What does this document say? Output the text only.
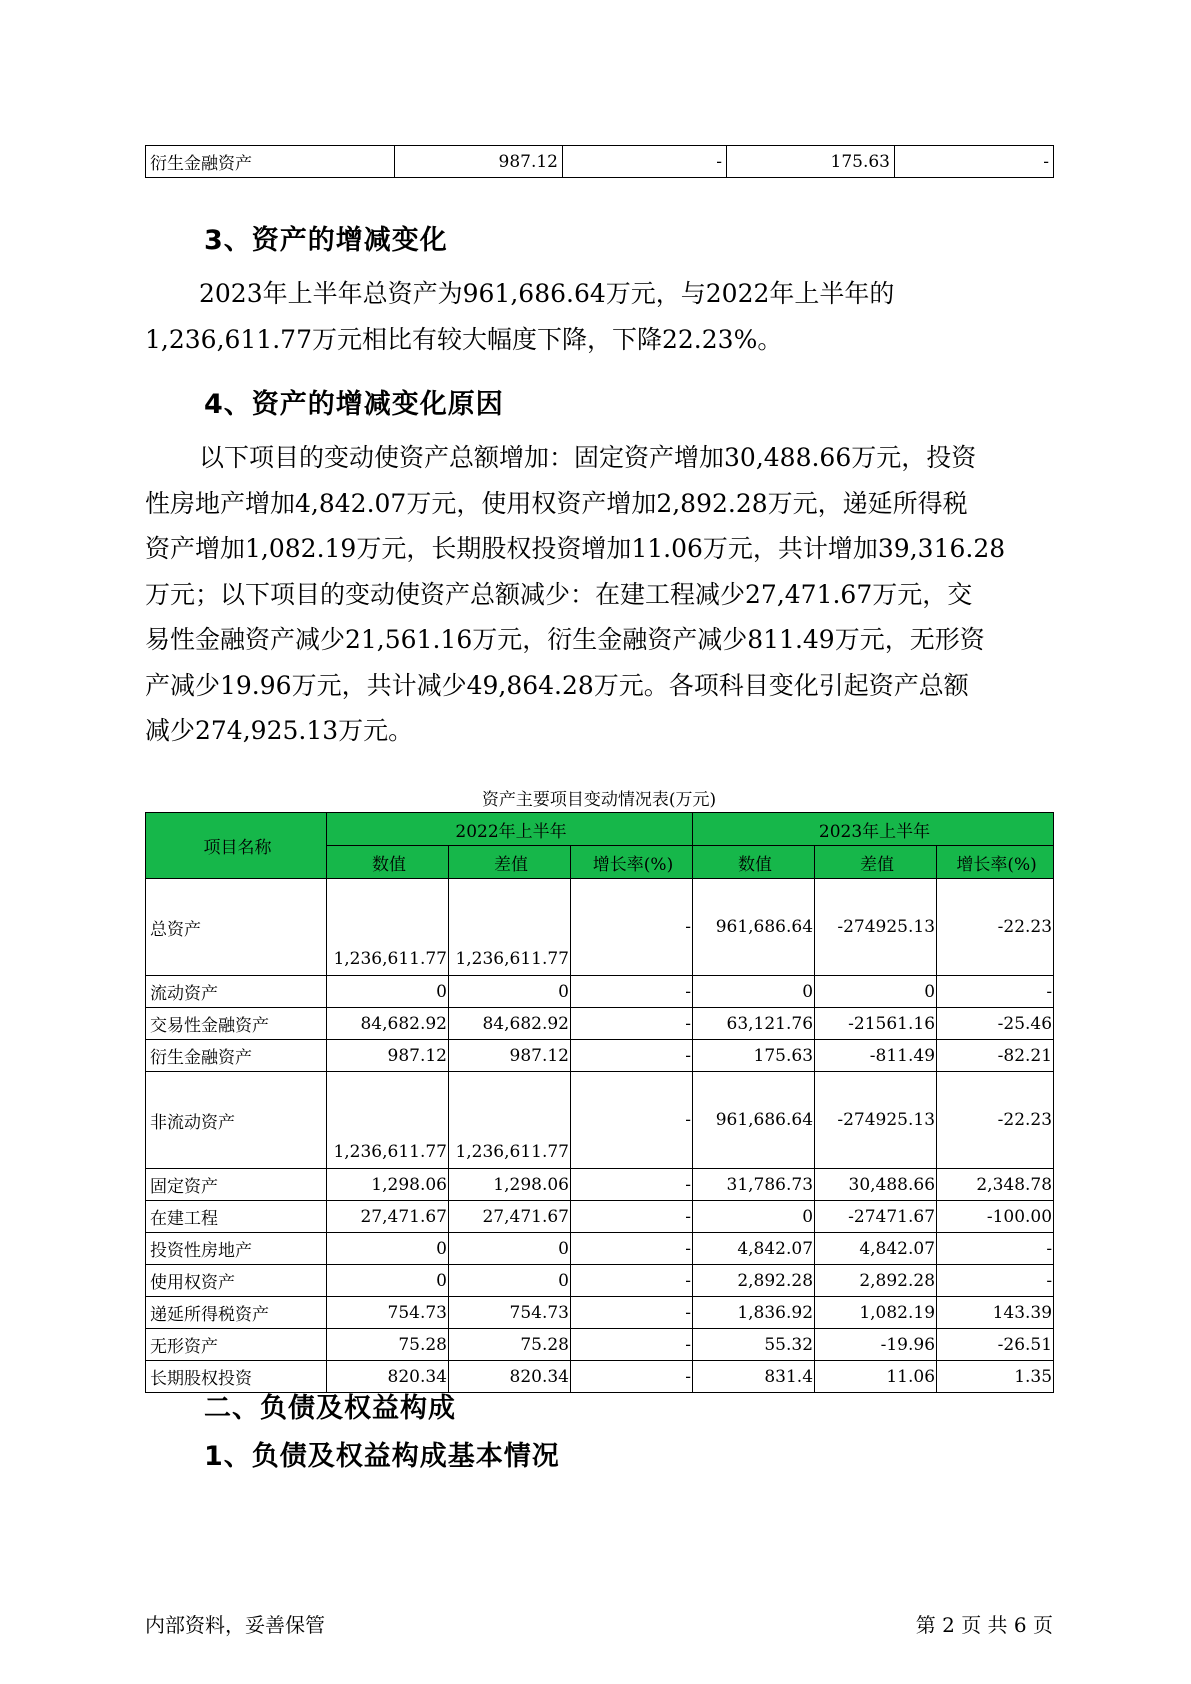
衍生金融资产	987.12	-	175.63	-
3、资产的增减变化
2023年上半年总资产为961,686.64万元，与2022年上半年的
1,236,611.77万元相比有较大幅度下降，下降22.23%。
4、资产的增减变化原因
以下项目的变动使资产总额增加：固定资产增加30,488.66万元，投资
性房地产增加4,842.07万元，使用权资产增加2,892.28万元，递延所得税
资产增加1,082.19万元，长期股权投资增加11.06万元，共计增加39,316.28
万元；以下项目的变动使资产总额减少：在建工程减少27,471.67万元，交
易性金融资产减少21,561.16万元，衍生金融资产减少811.49万元，无形资
产减少19.96万元，共计减少49,864.28万元。各项科目变化引起资产总额
减少274,925.13万元。
资产主要项目变动情况表(万元)
项目名称	2022年上半年			2023年上半年		
	数值	差值	增长率(%)	数值	差值	增长率(%)
总资产	1,236,611.77	1,236,611.77	-	961,686.64	-274925.13	-22.23
流动资产	0	0	-	0	0	-
交易性金融资产	84,682.92	84,682.92	-	63,121.76	-21561.16	-25.46
衍生金融资产	987.12	987.12	-	175.63	-811.49	-82.21
非流动资产	1,236,611.77	1,236,611.77	-	961,686.64	-274925.13	-22.23
固定资产	1,298.06	1,298.06	-	31,786.73	30,488.66	2,348.78
在建工程	27,471.67	27,471.67	-	0	-27471.67	-100.00
投资性房地产	0	0	-	4,842.07	4,842.07	-
使用权资产	0	0	-	2,892.28	2,892.28	-
递延所得税资产	754.73	754.73	-	1,836.92	1,082.19	143.39
无形资产	75.28	75.28	-	55.32	-19.96	-26.51
长期股权投资	820.34	820.34	-	831.4	11.06	1.35
二、负债及权益构成
1、负债及权益构成基本情况
内部资料，妥善保管	第 2 页 共 6 页
